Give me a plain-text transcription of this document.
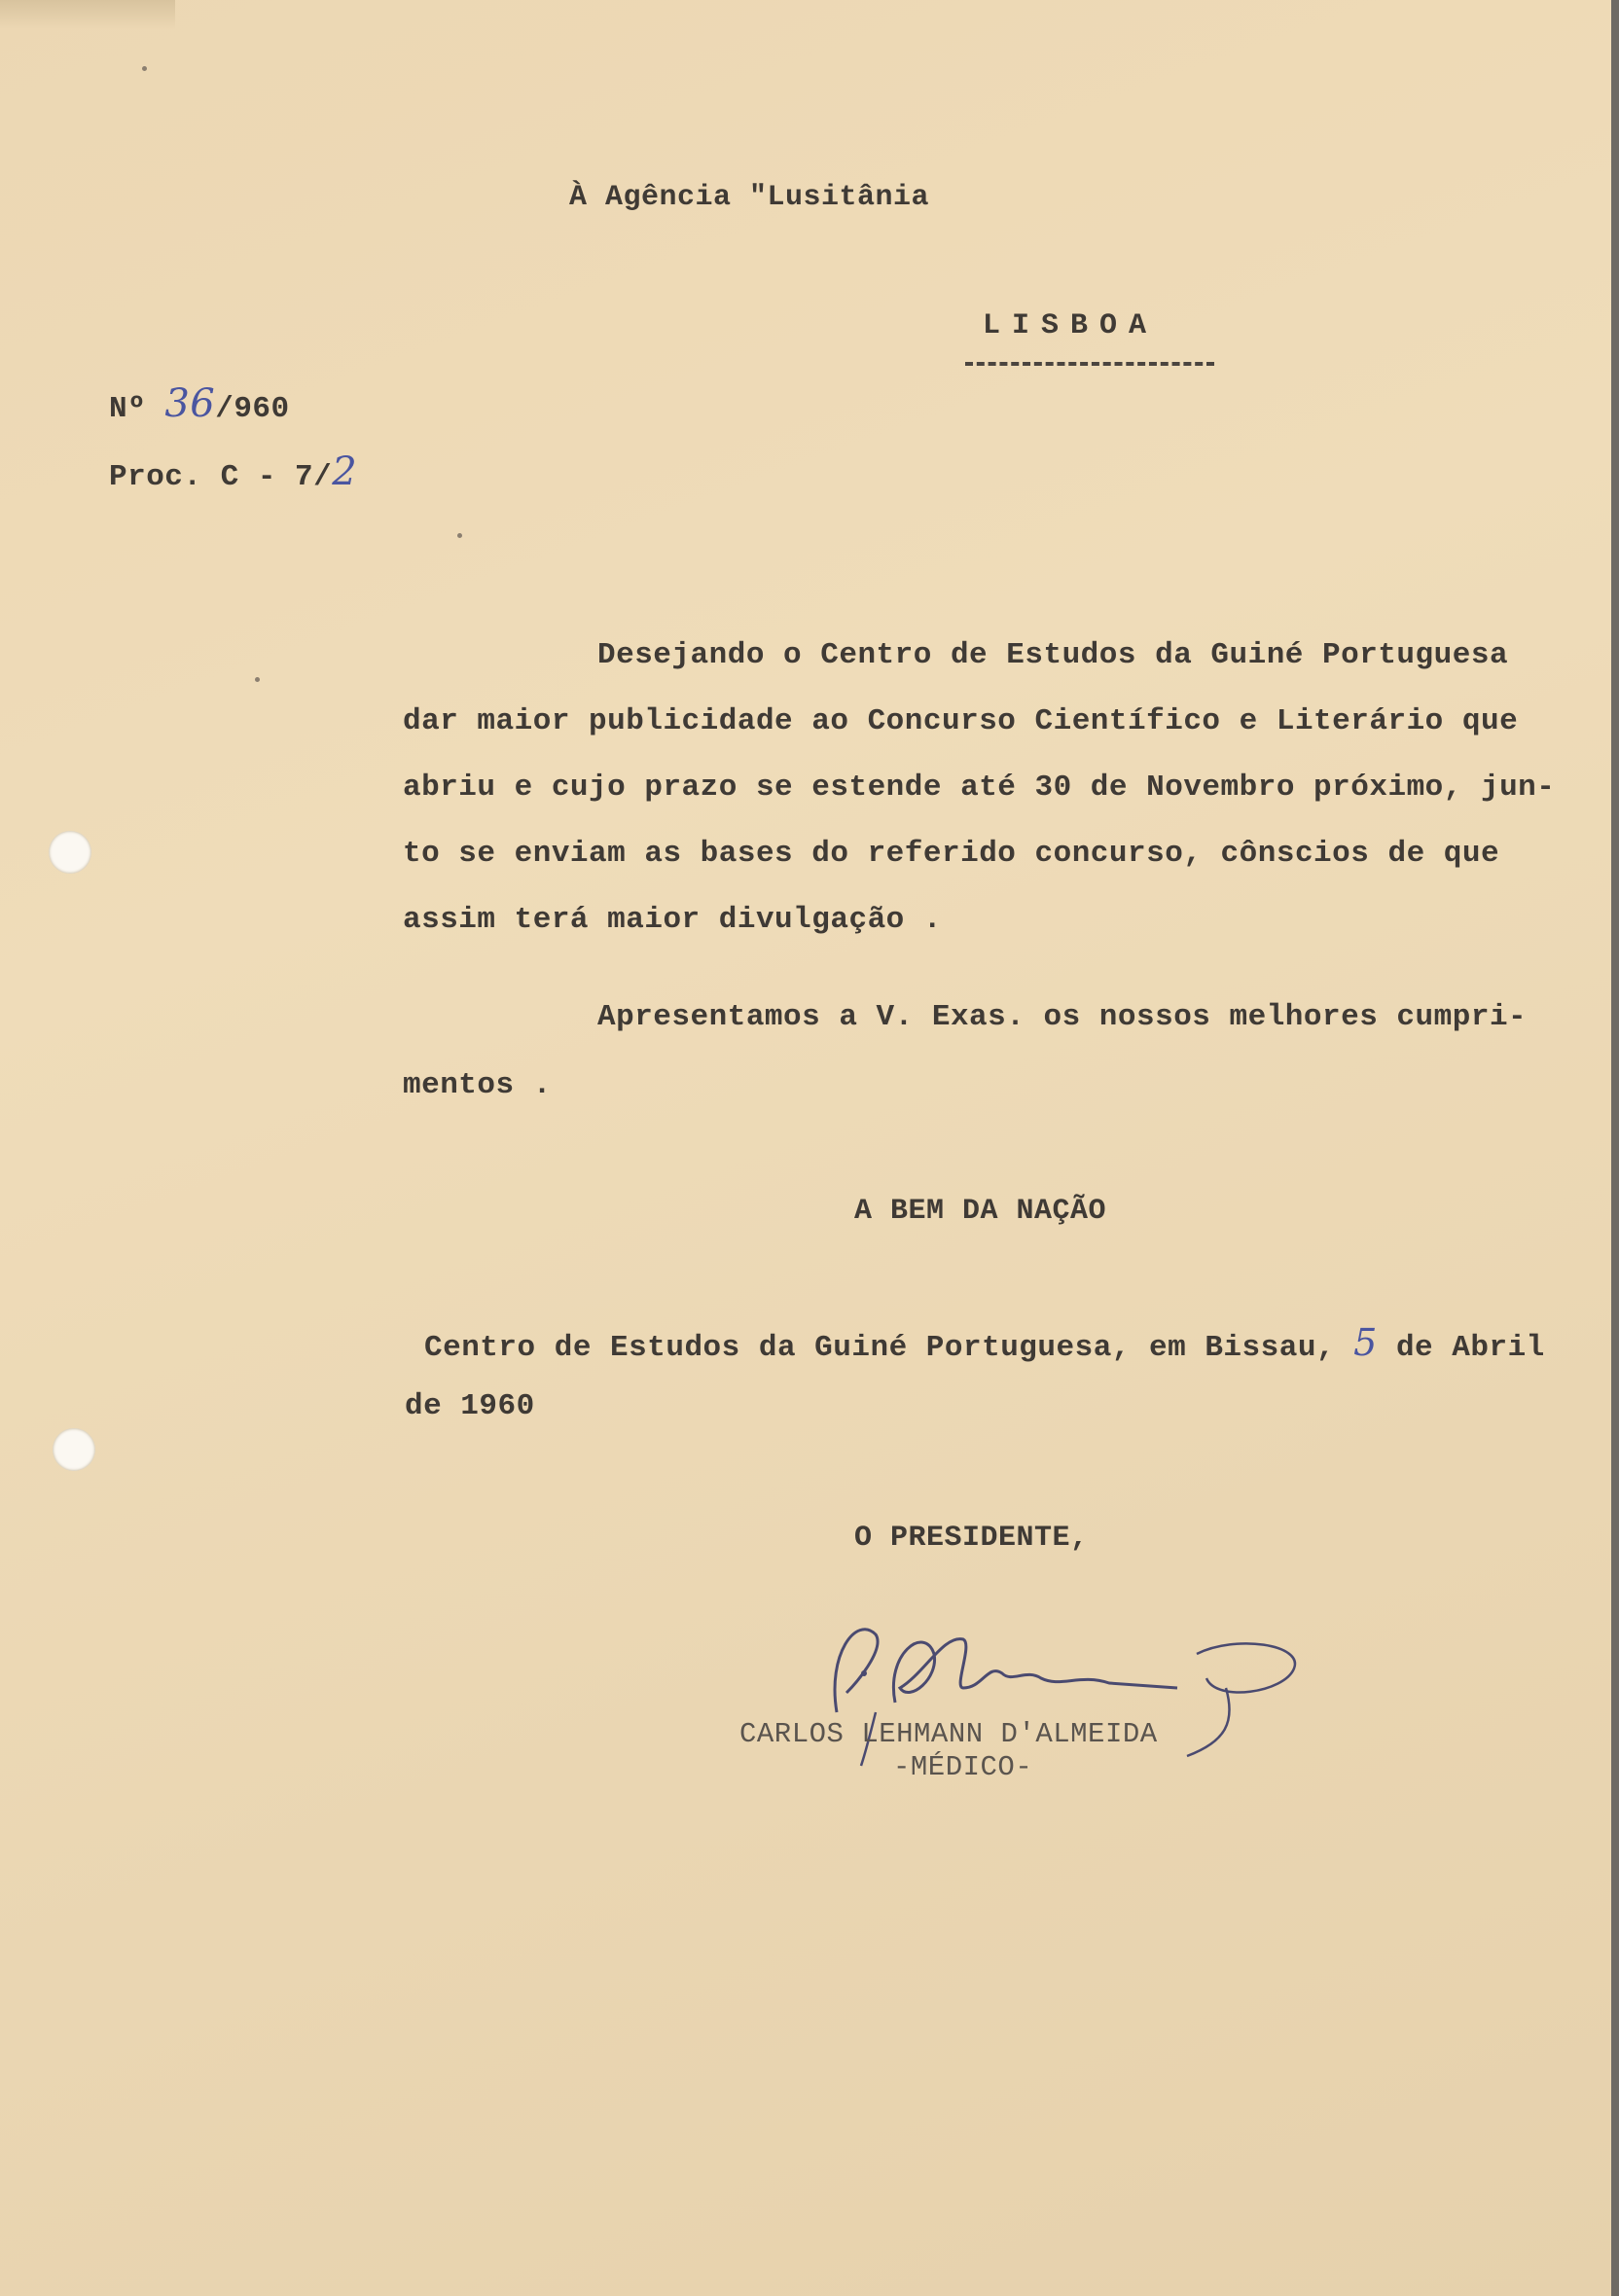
À Agência "Lusitânia
LISBOA
Nº 36/960
Proc. C - 7/2
Desejando o Centro de Estudos da Guiné Portuguesa
dar maior publicidade ao Concurso Científico e Literário que
abriu e cujo prazo se estende até 30 de Novembro próximo, jun-
to se enviam as bases do referido concurso, cônscios de que
assim terá maior divulgação .
Apresentamos a V. Exas. os nossos melhores cumpri-
mentos .
A BEM DA NAÇÃO
Centro de Estudos da Guiné Portuguesa, em Bissau, 5 de Abril
de 1960
O PRESIDENTE,
CARLOS LEHMANN D'ALMEIDA
-MÉDICO-
